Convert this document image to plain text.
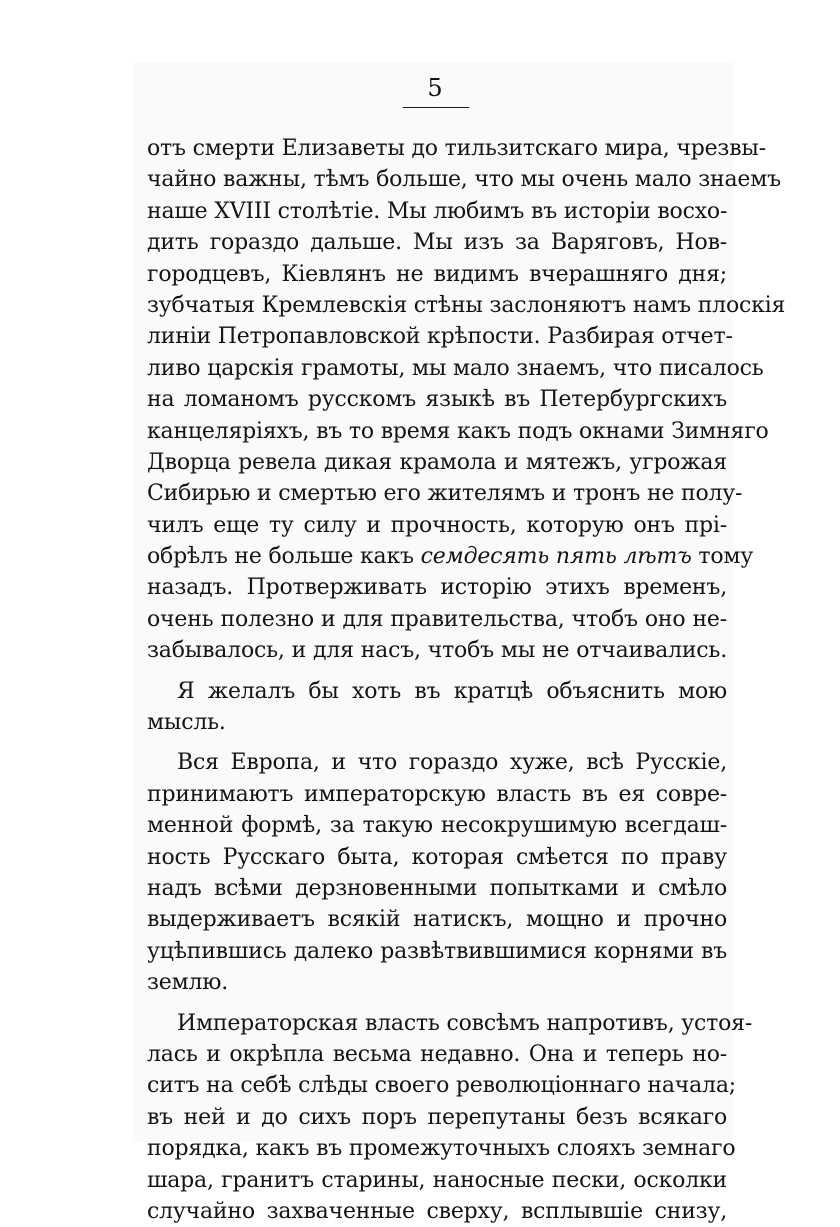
5
отъ смерти Елизаветы до тильзитскаго мира, чрезвы-
чайно важны, тѣмъ больше, что мы очень мало знаемъ
наше XVIII столѣтіе. Мы любимъ въ исторіи восхо-
дить гораздо дальше. Мы изъ за Варяговъ, Нов-
городцевъ, Кіевлянъ не видимъ вчерашняго дня;
зубчатыя Кремлевскія стѣны заслоняютъ намъ плоскія
линіи Петропавловской крѣпости. Разбирая отчет-
ливо царскія грамоты, мы мало знаемъ, что писалось
на ломаномъ русскомъ языкѣ въ Петербургскихъ
канцеляріяхъ, въ то время какъ подъ окнами Зимняго
Дворца ревела дикая крамола и мятежъ, угрожая
Сибирью и смертью его жителямъ и тронъ не полу-
чилъ еще ту силу и прочность, которую онъ прі-
обрѣлъ не больше какъ семдесять пять лѣтъ тому
назадъ. Протверживать исторію этихъ временъ,
очень полезно и для правительства, чтобъ оно не-
забывалось, и для насъ, чтобъ мы не отчаивались.
Я желалъ бы хоть въ кратцѣ объяснить мою
мысль.
Вся Европа, и что гораздо хуже, всѣ Русскіе,
принимаютъ императорскую власть въ ея совре-
менной формѣ, за такую несокрушимую всегдаш-
ность Русскаго быта, которая смѣется по праву
надъ всѣми дерзновенными попытками и смѣло
выдерживаетъ всякій натискъ, мощно и прочно
уцѣпившись далеко развѣтвившимися корнями въ
землю.
Императорская власть совсѣмъ напротивъ, устоя-
лась и окрѣпла весьма недавно. Она и теперь но-
ситъ на себѣ слѣды своего революціоннаго начала;
въ ней и до сихъ поръ перепутаны безъ всякаго
порядка, какъ въ промежуточныхъ слояхъ земнаго
шара, гранитъ старины, наносные пески, осколки
случайно захваченные сверху, всплывшіе снизу,
